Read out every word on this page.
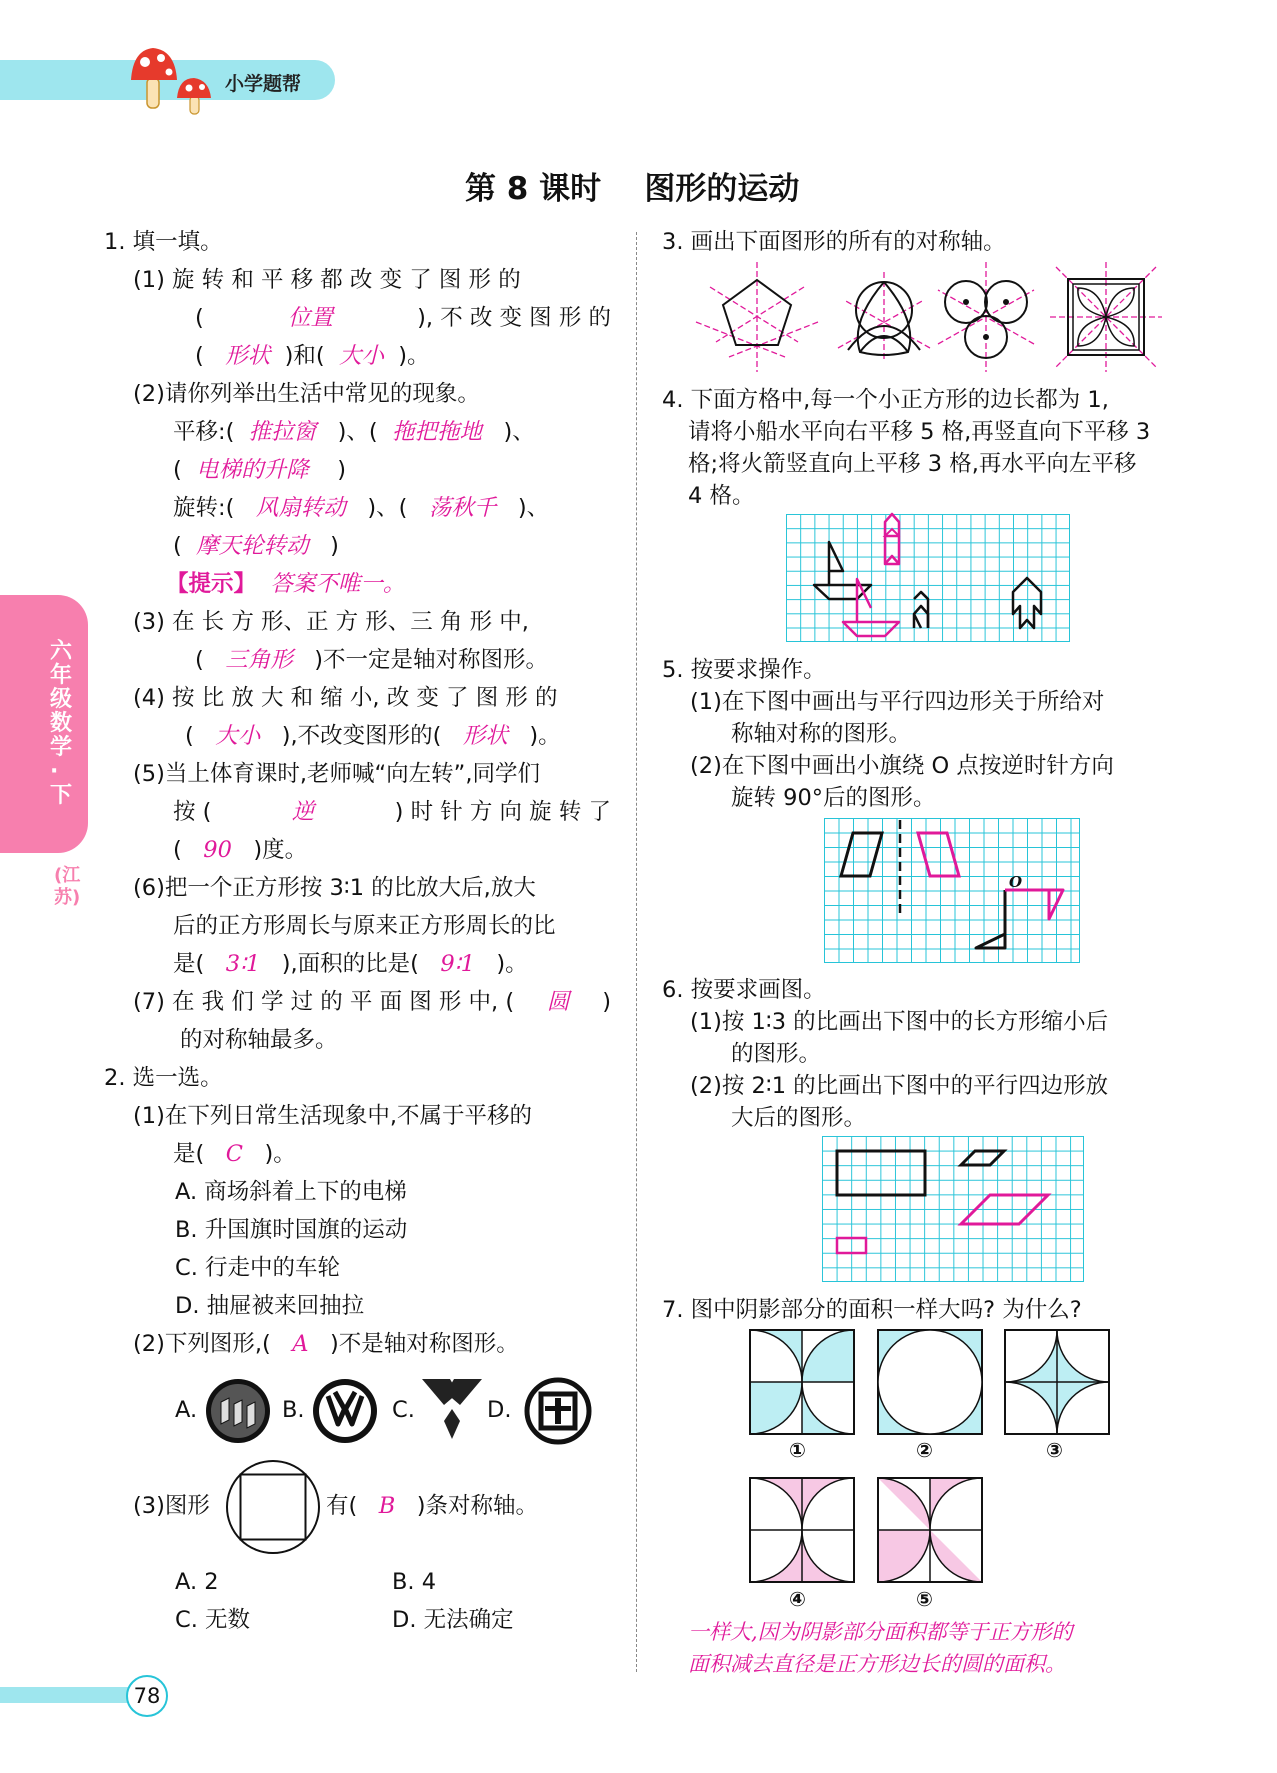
小学题帮
第 8 课时    图形的运动
六年级数学·下
(江苏)
1. 填一填。
(1) 旋 转 和 平 移 都 改 变 了 图 形 的
(	位置	), 不 改 变 图 形 的
( 形状 )和( 大小 )。
(2)请你列举出生活中常见的现象。
平移:( 推拉窗 )、( 拖把拖地 )、
( 电梯的升降 )
旋转:( 风扇转动 )、( 荡秋千 )、
( 摩天轮转动 )
【提示】 答案不唯一。
(3) 在 长 方 形、正 方 形、三 角 形 中,
( 三角形 )不一定是轴对称图形。
(4) 按 比 放 大 和 缩 小, 改 变 了 图 形 的
( 大小 ),不改变图形的( 形状 )。
(5)当上体育课时,老师喊“向左转”,同学们
按 (	逆	) 时 针 方 向 旋 转 了
( 90 )度。
(6)把一个正方形按 3∶1 的比放大后,放大
后的正方形周长与原来正方形周长的比
是( 3∶1 ),面积的比是( 9∶1 )。
(7) 在 我 们 学 过 的 平 面 图 形 中, ( 圆 )
的对称轴最多。
2. 选一选。
(1)在下列日常生活现象中,不属于平移的
是( C )。
A. 商场斜着上下的电梯
B. 升国旗时国旗的运动
C. 行走中的车轮
D. 抽屉被来回抽拉
(2)下列图形,( A )不是轴对称图形。
A.	B.	C.	D.
(3)图形	有( B )条对称轴。
A. 2	B. 4
C. 无数	D. 无法确定
78
3. 画出下面图形的所有的对称轴。
4. 下面方格中,每一个小正方形的边长都为 1,
请将小船水平向右平移 5 格,再竖直向下平移 3
格;将火箭竖直向上平移 3 格,再水平向左平移
4 格。
5. 按要求操作。
(1)在下图中画出与平行四边形关于所给对
称轴对称的图形。
(2)在下图中画出小旗绕 O 点按逆时针方向
旋转 90°后的图形。
O
6. 按要求画图。
(1)按 1∶3 的比画出下图中的长方形缩小后
的图形。
(2)按 2∶1 的比画出下图中的平行四边形放
大后的图形。
7. 图中阴影部分的面积一样大吗? 为什么?
①	②	③
④	⑤
一样大,因为阴影部分面积都等于正方形的
面积减去直径是正方形边长的圆的面积。
